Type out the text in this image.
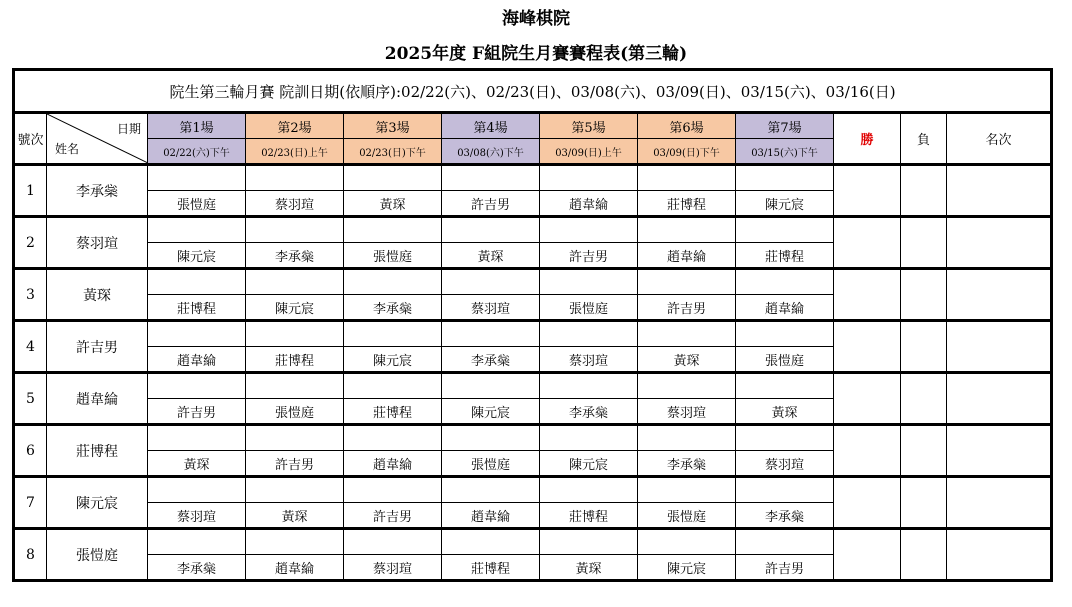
海峰棋院
2025年度 F組院生月賽賽程表(第三輪)
院生第三輪月賽 院訓日期(依順序):02/22(六)、02/23(日)、03/08(六)、03/09(日)、03/15(六)、03/16(日)											
號次	日期
姓名	第1場	第2場	第3場	第4場	第5場	第6場	第7場	勝	負	名次
		02/22(六)下午	02/23(日)上午	02/23(日)下午	03/08(六)下午	03/09(日)上午	03/09(日)下午	03/15(六)下午			
1	李承橤										
		張愷庭	蔡羽瑄	黃琛	許吉男	趙韋綸	莊博程	陳元宸			
2	蔡羽瑄										
		陳元宸	李承橤	張愷庭	黃琛	許吉男	趙韋綸	莊博程			
3	黃琛										
		莊博程	陳元宸	李承橤	蔡羽瑄	張愷庭	許吉男	趙韋綸			
4	許吉男										
		趙韋綸	莊博程	陳元宸	李承橤	蔡羽瑄	黃琛	張愷庭			
5	趙韋綸										
		許吉男	張愷庭	莊博程	陳元宸	李承橤	蔡羽瑄	黃琛			
6	莊博程										
		黃琛	許吉男	趙韋綸	張愷庭	陳元宸	李承橤	蔡羽瑄			
7	陳元宸										
		蔡羽瑄	黃琛	許吉男	趙韋綸	莊博程	張愷庭	李承橤			
8	張愷庭										
		李承橤	趙韋綸	蔡羽瑄	莊博程	黃琛	陳元宸	許吉男			
